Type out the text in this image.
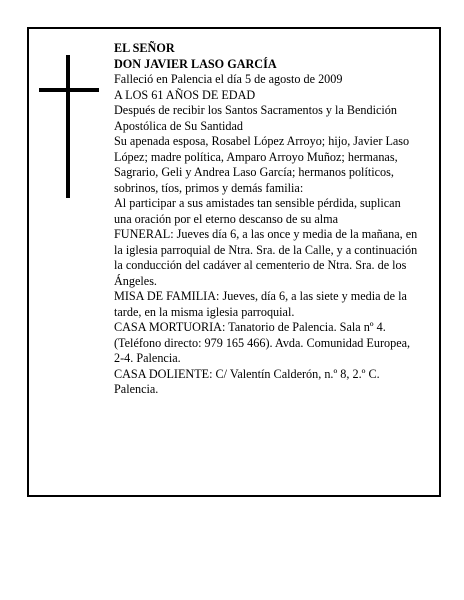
EL SEÑOR
DON JAVIER LASO GARCÍA
Falleció en Palencia el día 5 de agosto de 2009
A LOS 61 AÑOS DE EDAD
Después de recibir los Santos Sacramentos y la Bendición Apostólica de Su Santidad
Su apenada esposa, Rosabel López Arroyo; hijo, Javier Laso López; madre política, Amparo Arroyo Muñoz; hermanas, Sagrario, Geli y Andrea Laso García; hermanos políticos, sobrinos, tíos, primos y demás familia:
Al participar a sus amistades tan sensible pérdida, suplican una oración por el eterno descanso de su alma
FUNERAL: Jueves día 6, a las once y media de la mañana, en la iglesia parroquial de Ntra. Sra. de la Calle, y a continuación la conducción del cadáver al cementerio de Ntra. Sra. de los Ángeles.
MISA DE FAMILIA: Jueves, día 6, a las siete y media de la tarde, en la misma iglesia parroquial.
CASA MORTUORIA: Tanatorio de Palencia. Sala nº 4. (Teléfono directo: 979 165 466). Avda. Comunidad Europea, 2-4. Palencia.
CASA DOLIENTE: C/ Valentín Calderón, n.º 8, 2.º C. Palencia.
